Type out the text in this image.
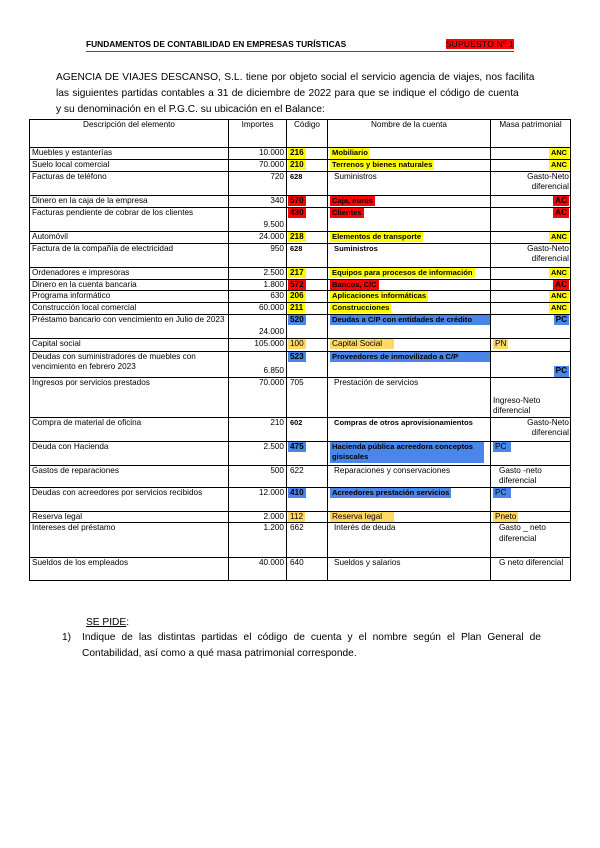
FUNDAMENTOS DE CONTABILIDAD EN EMPRESAS TURÍSTICAS	SUPUESTO Nº 1
AGENCIA DE VIAJES DESCANSO, S.L. tiene por objeto social el servicio agencia de viajes, nos facilita
las siguientes partidas contables a 31 de diciembre de 2022 para que se indique el código de cuenta
y su denominación en el P.G.C. su ubicación en el Balance:
Descripción del elemento	Importes	Código	Nombre de la cuenta	Masa patrimonial
Muebles y estanterías	10.000	216	Mobiliario	ANC
Suelo local comercial	70.000	210	Terrenos y bienes naturales	ANC
Facturas de teléfono	720	628	Suministros	Gasto-Neto diferencial

Dinero en la caja de la empresa	340	570	Caja, euros	AC
Facturas pendiente de cobrar de los clientes	9.500	430	Clientes	AC
Automóvil	24.000	218	Elementos de transporte	ANC
Factura de la compañía de electricidad	950	628	Suministros	Gasto-Neto diferencial

Ordenadores e impresoras	2.500	217	Equipos para procesos de información	ANC
Dinero en la cuenta bancaria	1.800	572	Bancos, C/C	AC
Programa informático	630	206	Aplicaciones informáticas	ANC
Construcción local comercial	60.000	211	Construcciones	ANC
Préstamo bancario con vencimiento en Julio de 2023	24.000	520	Deudas a C/P con entidades de crédito	PC
Capital social	105.000	100	Capital Social	PN
Deudas con suministradores de muebles con vencimiento en febrero 2023	6.850	523	Proveedores de inmovilizado a C/P	PC
Ingresos por servicios prestados	70.000	705	Prestación de servicios	Ingreso-Neto diferencial

Compra de material de oficina	210	602	Compras de otros aprovisionamientos	Gasto-Neto diferencial

Deuda con Hacienda	2.500	475	Hacienda pública acreedora conceptos gisiscales	PC
Gastos de reparaciones	500	622	Reparaciones y conservaciones	Gasto -neto diferencial

Deudas con acreedores por servicios recibidos	12.000	410	Acreedores prestación servicios	PC
Reserva legal	2.000	112	Reserva legal	Pneto
Intereses del préstamo	1.200	662	Interés de deuda	Gasto _ neto diferencial

Sueldos de los empleados	40.000	640	Sueldos y salarios	G neto diferencial
SE PIDE:
1) Indique de las distintas partidas el código de cuenta y el nombre según el Plan General de
Contabilidad, así como a qué masa patrimonial corresponde.
